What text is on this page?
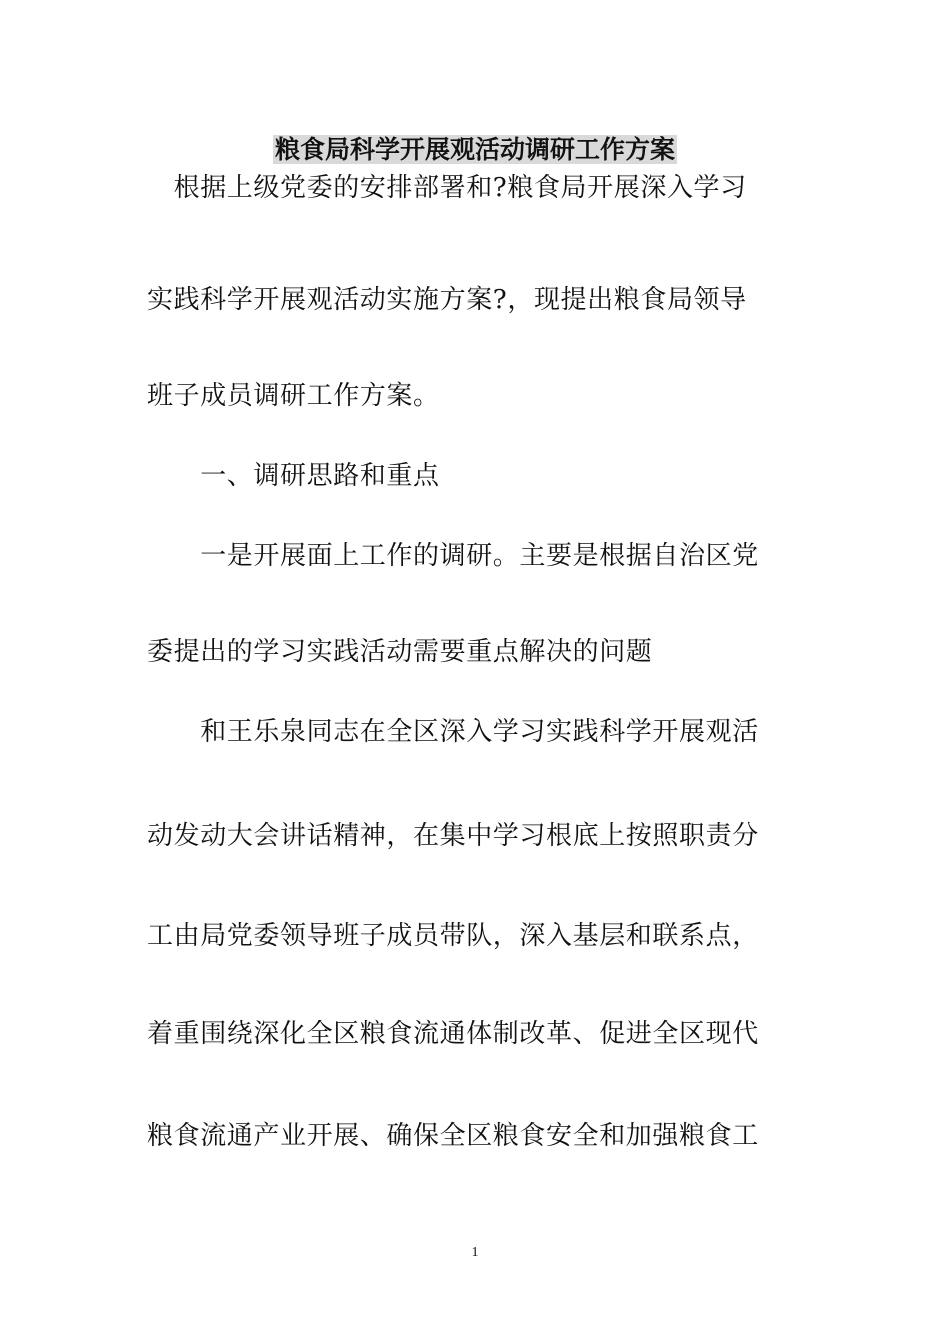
粮食局科学开展观活动调研工作方案
　根据上级党委的安排部署和?粮食局开展深入学习
实践科学开展观活动实施方案?，现提出粮食局领导
班子成员调研工作方案。
　　一、调研思路和重点
　　一是开展面上工作的调研。主要是根据自治区党
委提出的学习实践活动需要重点解决的问题
　　和王乐泉同志在全区深入学习实践科学开展观活
动发动大会讲话精神，在集中学习根底上按照职责分
工由局党委领导班子成员带队，深入基层和联系点，
着重围绕深化全区粮食流通体制改革、促进全区现代
粮食流通产业开展、确保全区粮食安全和加强粮食工
1
